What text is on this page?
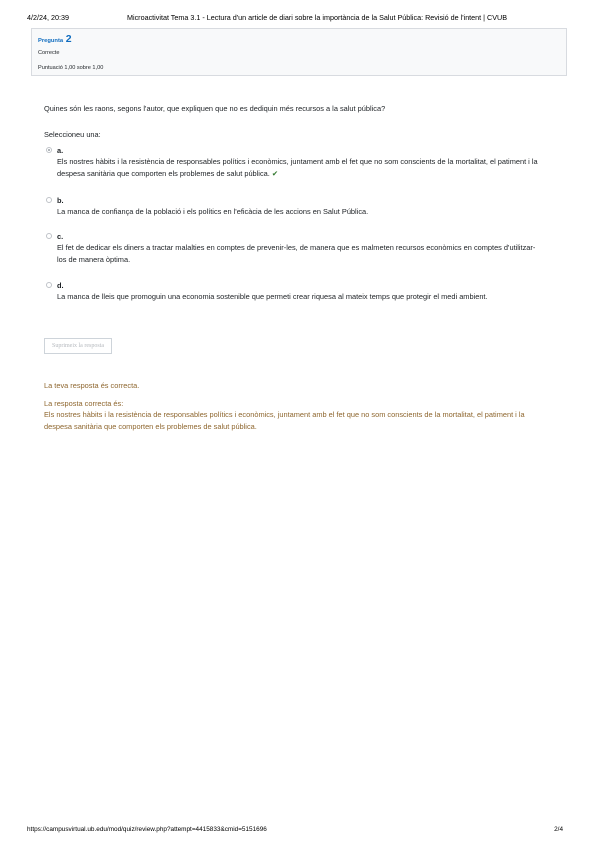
4/2/24, 20:39	Microactivitat Tema 3.1 - Lectura d'un article de diari sobre la importància de la Salut Pública: Revisió de l'intent | CVUB
Pregunta 2
Correcte
Puntuació 1,00 sobre 1,00
Quines són les raons, segons l'autor, que expliquen que no es dediquin més recursos a la salut pública?
Seleccioneu una:
a.
Els nostres hàbits i la resistència de responsables polítics i econòmics, juntament amb el fet que no som conscients de la mortalitat, el patiment i la despesa sanitària que comporten els problemes de salut pública. ✔
b.
La manca de confiança de la població i els polítics en l'eficàcia de les accions en Salut Pública.
c.
El fet de dedicar els diners a tractar malalties en comptes de prevenir-les, de manera que es malmeten recursos econòmics en comptes d'utilitzar-los de manera òptima.
d.
La manca de lleis que promoguin una economia sostenible que permeti crear riquesa al mateix temps que protegir el medi ambient.
Suprimeix la resposta
La teva resposta és correcta.
La resposta correcta és:
Els nostres hàbits i la resistència de responsables polítics i econòmics, juntament amb el fet que no som conscients de la mortalitat, el patiment i la despesa sanitària que comporten els problemes de salut pública.
https://campusvirtual.ub.edu/mod/quiz/review.php?attempt=4415833&cmid=5151696	2/4
